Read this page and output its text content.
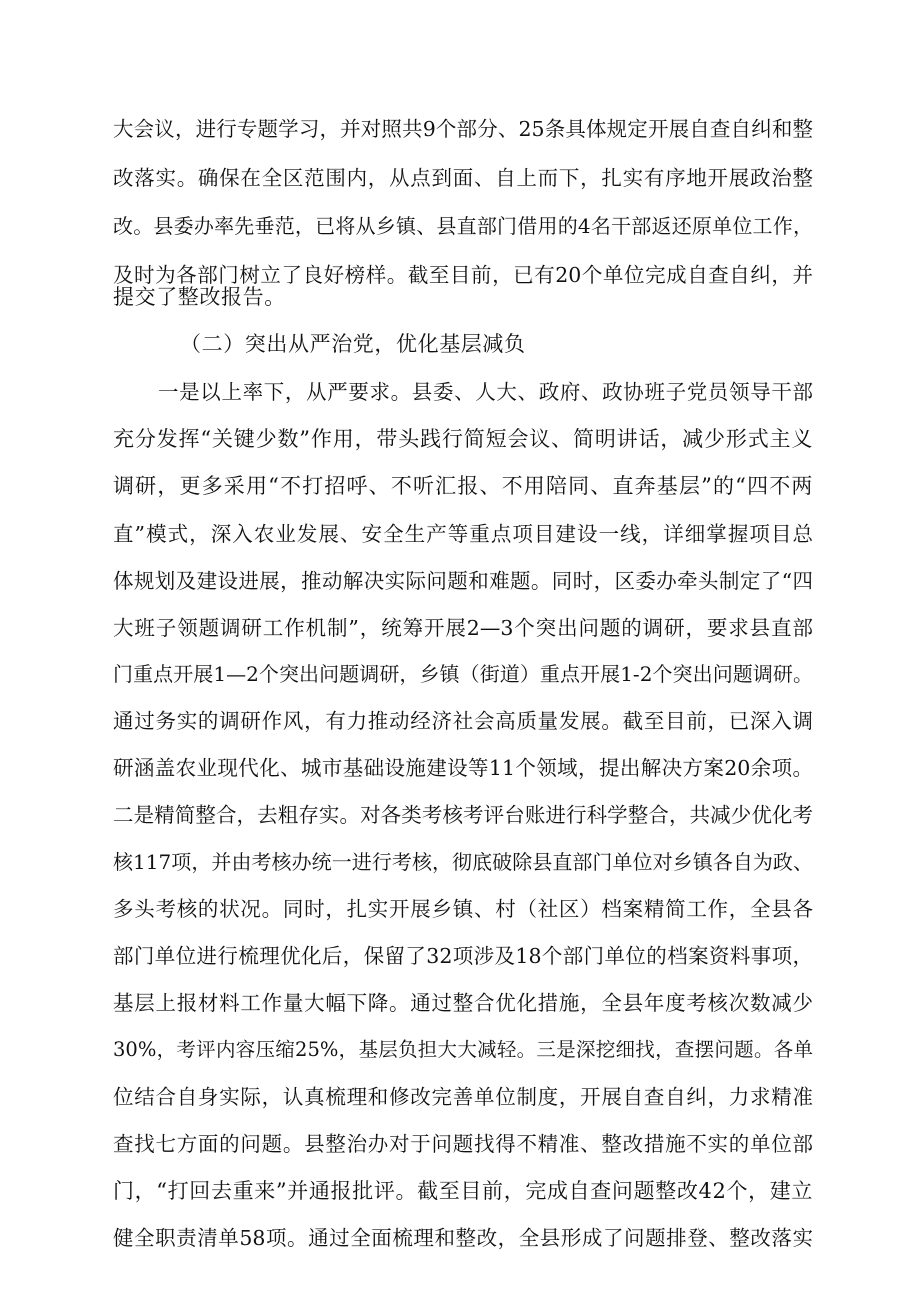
大会议，进行专题学习，并对照共9个部分、25条具体规定开展自查自纠和整
改落实。确保在全区范围内，从点到面、自上而下，扎实有序地开展政治整
改。县委办率先垂范，已将从乡镇、县直部门借用的4名干部返还原单位工作，
及时为各部门树立了良好榜样。截至目前，已有20个单位完成自查自纠，并
提交了整改报告。
（二）突出从严治党，优化基层减负
一是以上率下，从严要求。县委、人大、政府、政协班子党员领导干部
充分发挥“关键少数”作用，带头践行简短会议、简明讲话，减少形式主义
调研，更多采用“不打招呼、不听汇报、不用陪同、直奔基层”的“四不两
直”模式，深入农业发展、安全生产等重点项目建设一线，详细掌握项目总
体规划及建设进展，推动解决实际问题和难题。同时，区委办牵头制定了“四
大班子领题调研工作机制”，统筹开展2—3个突出问题的调研，要求县直部
门重点开展1—2个突出问题调研，乡镇（街道）重点开展1-2个突出问题调研。
通过务实的调研作风，有力推动经济社会高质量发展。截至目前，已深入调
研涵盖农业现代化、城市基础设施建设等11个领域，提出解决方案20余项。
二是精简整合，去粗存实。对各类考核考评台账进行科学整合，共减少优化考
核117项，并由考核办统一进行考核，彻底破除县直部门单位对乡镇各自为政、
多头考核的状况。同时，扎实开展乡镇、村（社区）档案精简工作，全县各
部门单位进行梳理优化后，保留了32项涉及18个部门单位的档案资料事项，
基层上报材料工作量大幅下降。通过整合优化措施，全县年度考核次数减少
30%，考评内容压缩25%，基层负担大大减轻。三是深挖细找，查摆问题。各单
位结合自身实际，认真梳理和修改完善单位制度，开展自查自纠，力求精准
查找七方面的问题。县整治办对于问题找得不精准、整改措施不实的单位部
门，“打回去重来”并通报批评。截至目前，完成自查问题整改42个，建立
健全职责清单58项。通过全面梳理和整改，全县形成了问题排登、整改落实
